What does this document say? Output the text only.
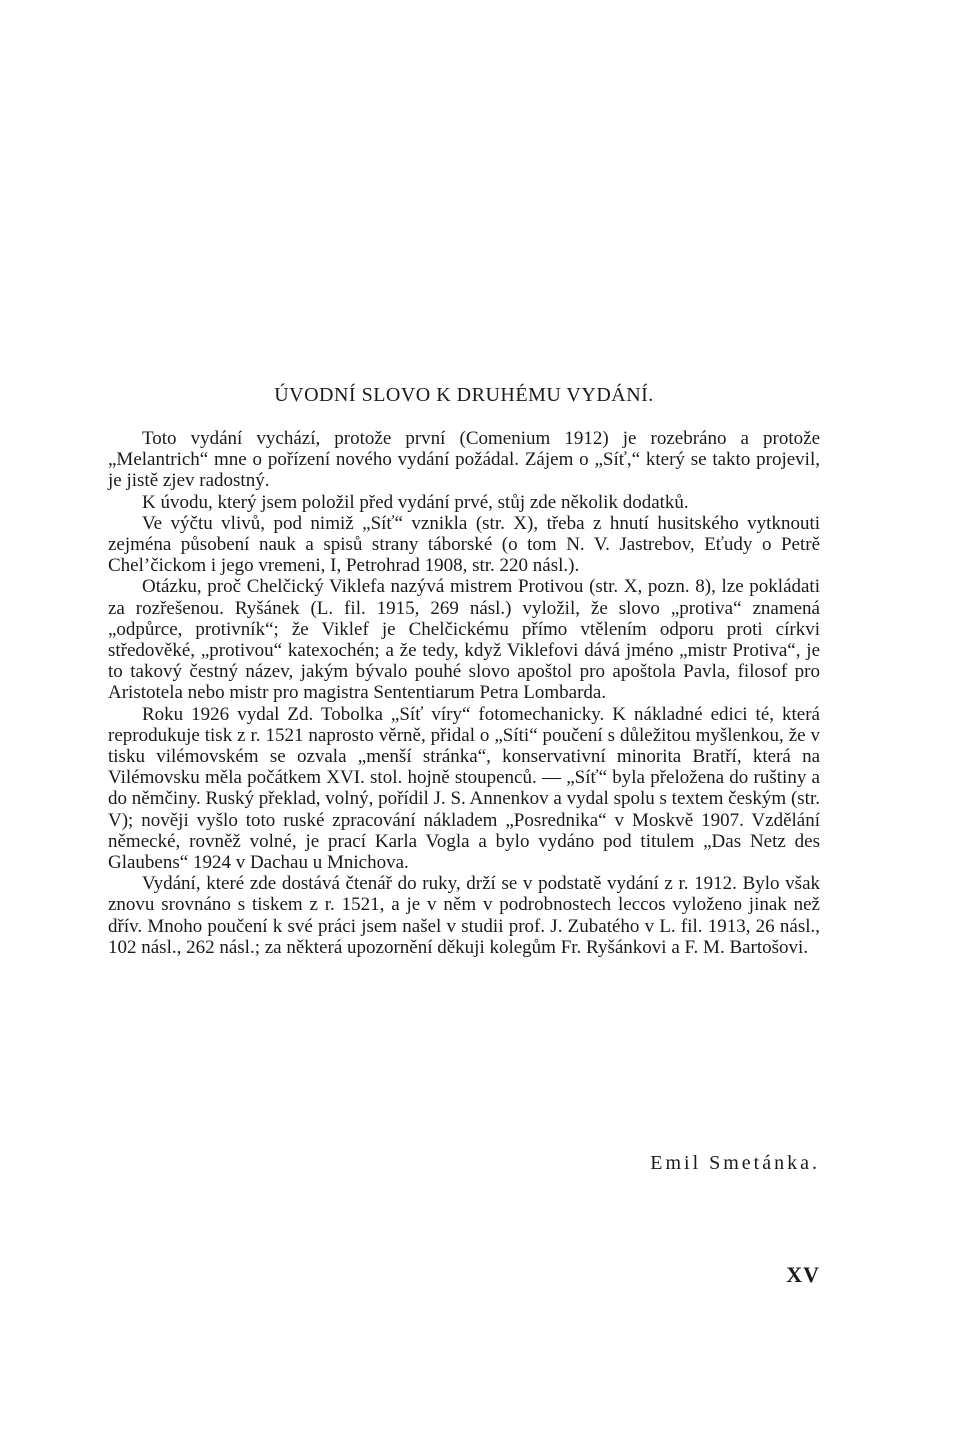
ÚVODNÍ SLOVO K DRUHÉMU VYDÁNÍ.

Toto vydání vychází, protože první (Comenium 1912) je rozebráno a protože „Melantrich“ mne o pořízení nového vydání požádal. Zájem o „Síť,“ který se takto projevil, je jistě zjev radostný.

K úvodu, který jsem položil před vydání prvé, stůj zde několik dodatků.

Ve výčtu vlivů, pod nimiž „Síť“ vznikla (str. X), třeba z hnutí husitského vytknouti zejména působení nauk a spisů strany táborské (o tom N. V. Jastrebov, Eťudy o Petrě Chel’čickom i jego vremeni, I, Petrohrad 1908, str. 220 násl.).

Otázku, proč Chelčický Viklefa nazývá mistrem Protivou (str. X, pozn. 8), lze pokládati za rozřešenou. Ryšánek (L. fil. 1915, 269 násl.) vyložil, že slovo „protiva“ znamená „odpůrce, protivník“; že Viklef je Chelčickému přímo vtělením odporu proti církvi středověké, „protivou“ katexochén; a že tedy, když Viklefovi dává jméno „mistr Protiva“, je to takový čestný název, jakým bývalo pouhé slovo apoštol pro apoštola Pavla, filosof pro Aristotela nebo mistr pro magistra Sententiarum Petra Lombarda.

Roku 1926 vydal Zd. Tobolka „Síť víry“ fotomechanicky. K nákladné edici té, která reprodukuje tisk z r. 1521 naprosto věrně, přidal o „Síti“ poučení s důležitou myšlenkou, že v tisku vilémovském se ozvala „menší stránka“, konservativní minorita Bratří, která na Vilémovsku měla počátkem XVI. stol. hojně stoupenců. — „Síť“ byla přeložena do ruštiny a do němčiny. Ruský překlad, volný, pořídil J. S. Annenkov a vydal spolu s textem českým (str. V); nověji vyšlo toto ruské zpracování nákladem „Posrednika“ v Moskvě 1907. Vzdělání německé, rovněž volné, je prací Karla Vogla a bylo vydáno pod titulem „Das Netz des Glaubens“ 1924 v Dachau u Mnichova.

Vydání, které zde dostává čtenář do ruky, drží se v podstatě vydání z r. 1912. Bylo však znovu srovnáno s tiskem z r. 1521, a je v něm v podrobnostech leccos vyloženo jinak než dřív. Mnoho poučení k své práci jsem našel v studii prof. J. Zubatého v L. fil. 1913, 26 násl., 102 násl., 262 násl.; za některá upozornění děkuji kolegům Fr. Ryšánkovi a F. M. Bartošovi.

Emil Smetánka.

XV
